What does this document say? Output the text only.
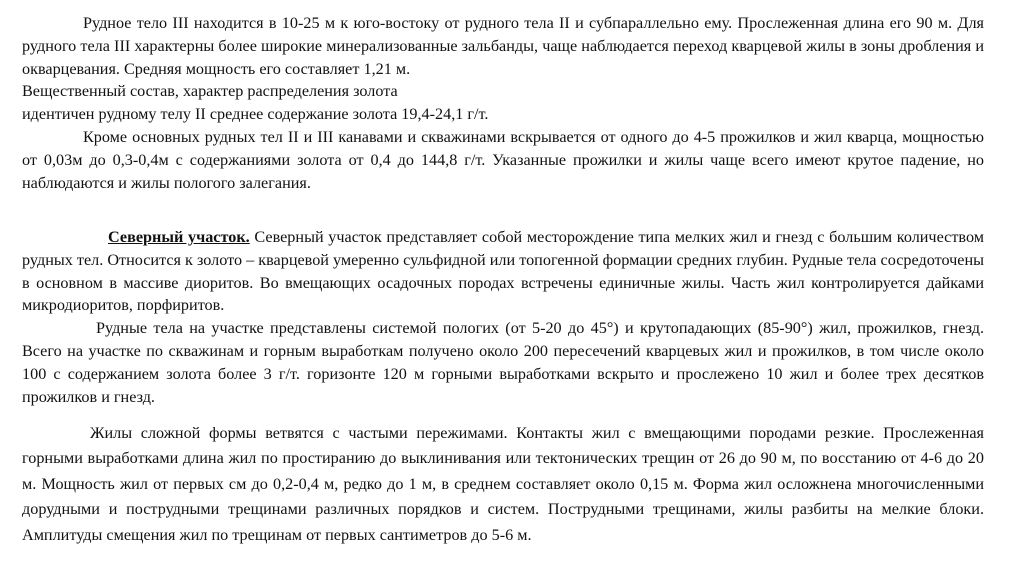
Рудное тело III находится в 10-25 м к юго-востоку от рудного тела II и субпараллельно ему. Прослеженная длина его 90 м. Для рудного тела III характерны более широкие минерализованные зальбанды, чаще наблюдается переход кварцевой жилы в зоны дробления и окварцевания. Средняя мощность его составляет 1,21 м.

Вещественный состав, характер распределения золота

идентичен рудному телу II среднее содержание золота 19,4-24,1 г/т.

Кроме основных рудных тел II и III канавами и скважинами вскрывается от одного до 4-5 прожилков и жил кварца, мощностью от 0,03м до 0,3-0,4м с содержаниями золота от 0,4 до 144,8 г/т. Указанные прожилки и жилы чаще всего имеют крутое падение, но наблюдаются и жилы пологого залегания.

Северный участок. Северный участок представляет собой месторождение типа мелких жил и гнезд с большим количеством рудных тел. Относится к золото – кварцевой умеренно сульфидной или топогенной формации средних глубин. Рудные тела сосредоточены в основном в массиве диоритов. Во вмещающих осадочных породах встречены единичные жилы. Часть жил контролируется дайками микродиоритов, порфиритов.

Рудные тела на участке представлены системой пологих (от 5-20 до 45°) и крутопадающих (85-90°) жил, прожилков, гнезд. Всего на участке по скважинам и горным выработкам получено около 200 пересечений кварцевых жил и прожилков, в том числе около 100 с содержанием золота более 3 г/т. горизонте 120 м горными выработками вскрыто и прослежено 10 жил и более трех десятков прожилков и гнезд.

Жилы сложной формы ветвятся с частыми пережимами. Контакты жил с вмещающими породами резкие. Прослеженная горными выработками длина жил по простиранию до выклинивания или тектонических трещин от 26 до 90 м, по восстанию от 4-6 до 20 м. Мощность жил от первых см до 0,2-0,4 м, редко до 1 м, в среднем составляет около 0,15 м. Форма жил осложнена многочисленными дорудными и пострудными трещинами различных порядков и систем. Пострудными трещинами, жилы разбиты на мелкие блоки. Амплитуды смещения жил по трещинам от первых сантиметров до 5-6 м.
